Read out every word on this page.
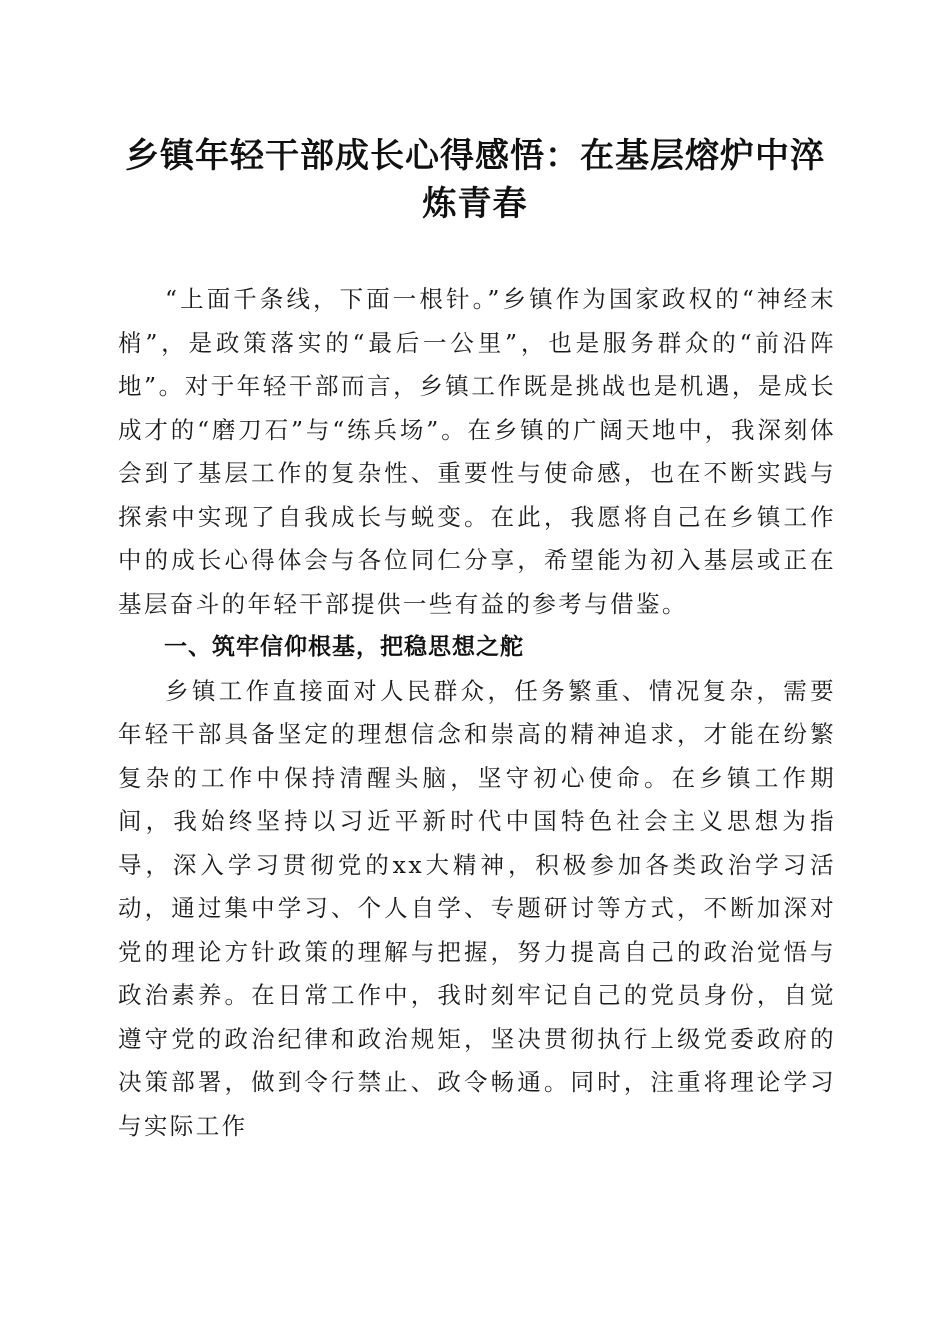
乡镇年轻干部成长心得感悟：在基层熔炉中淬炼青春

“上面千条线，下面一根针。”乡镇作为国家政权的“神经末梢”，是政策落实的“最后一公里”，也是服务群众的“前沿阵地”。对于年轻干部而言，乡镇工作既是挑战也是机遇，是成长成才的“磨刀石”与“练兵场”。在乡镇的广阔天地中，我深刻体会到了基层工作的复杂性、重要性与使命感，也在不断实践与探索中实现了自我成长与蜕变。在此，我愿将自己在乡镇工作中的成长心得体会与各位同仁分享，希望能为初入基层或正在基层奋斗的年轻干部提供一些有益的参考与借鉴。

一、筑牢信仰根基，把稳思想之舵

乡镇工作直接面对人民群众，任务繁重、情况复杂，需要年轻干部具备坚定的理想信念和崇高的精神追求，才能在纷繁复杂的工作中保持清醒头脑，坚守初心使命。在乡镇工作期间，我始终坚持以习近平新时代中国特色社会主义思想为指导，深入学习贯彻党的xx大精神，积极参加各类政治学习活动，通过集中学习、个人自学、专题研讨等方式，不断加深对党的理论方针政策的理解与把握，努力提高自己的政治觉悟与政治素养。在日常工作中，我时刻牢记自己的党员身份，自觉遵守党的政治纪律和政治规矩，坚决贯彻执行上级党委政府的决策部署，做到令行禁止、政令畅通。同时，注重将理论学习与实际工作
